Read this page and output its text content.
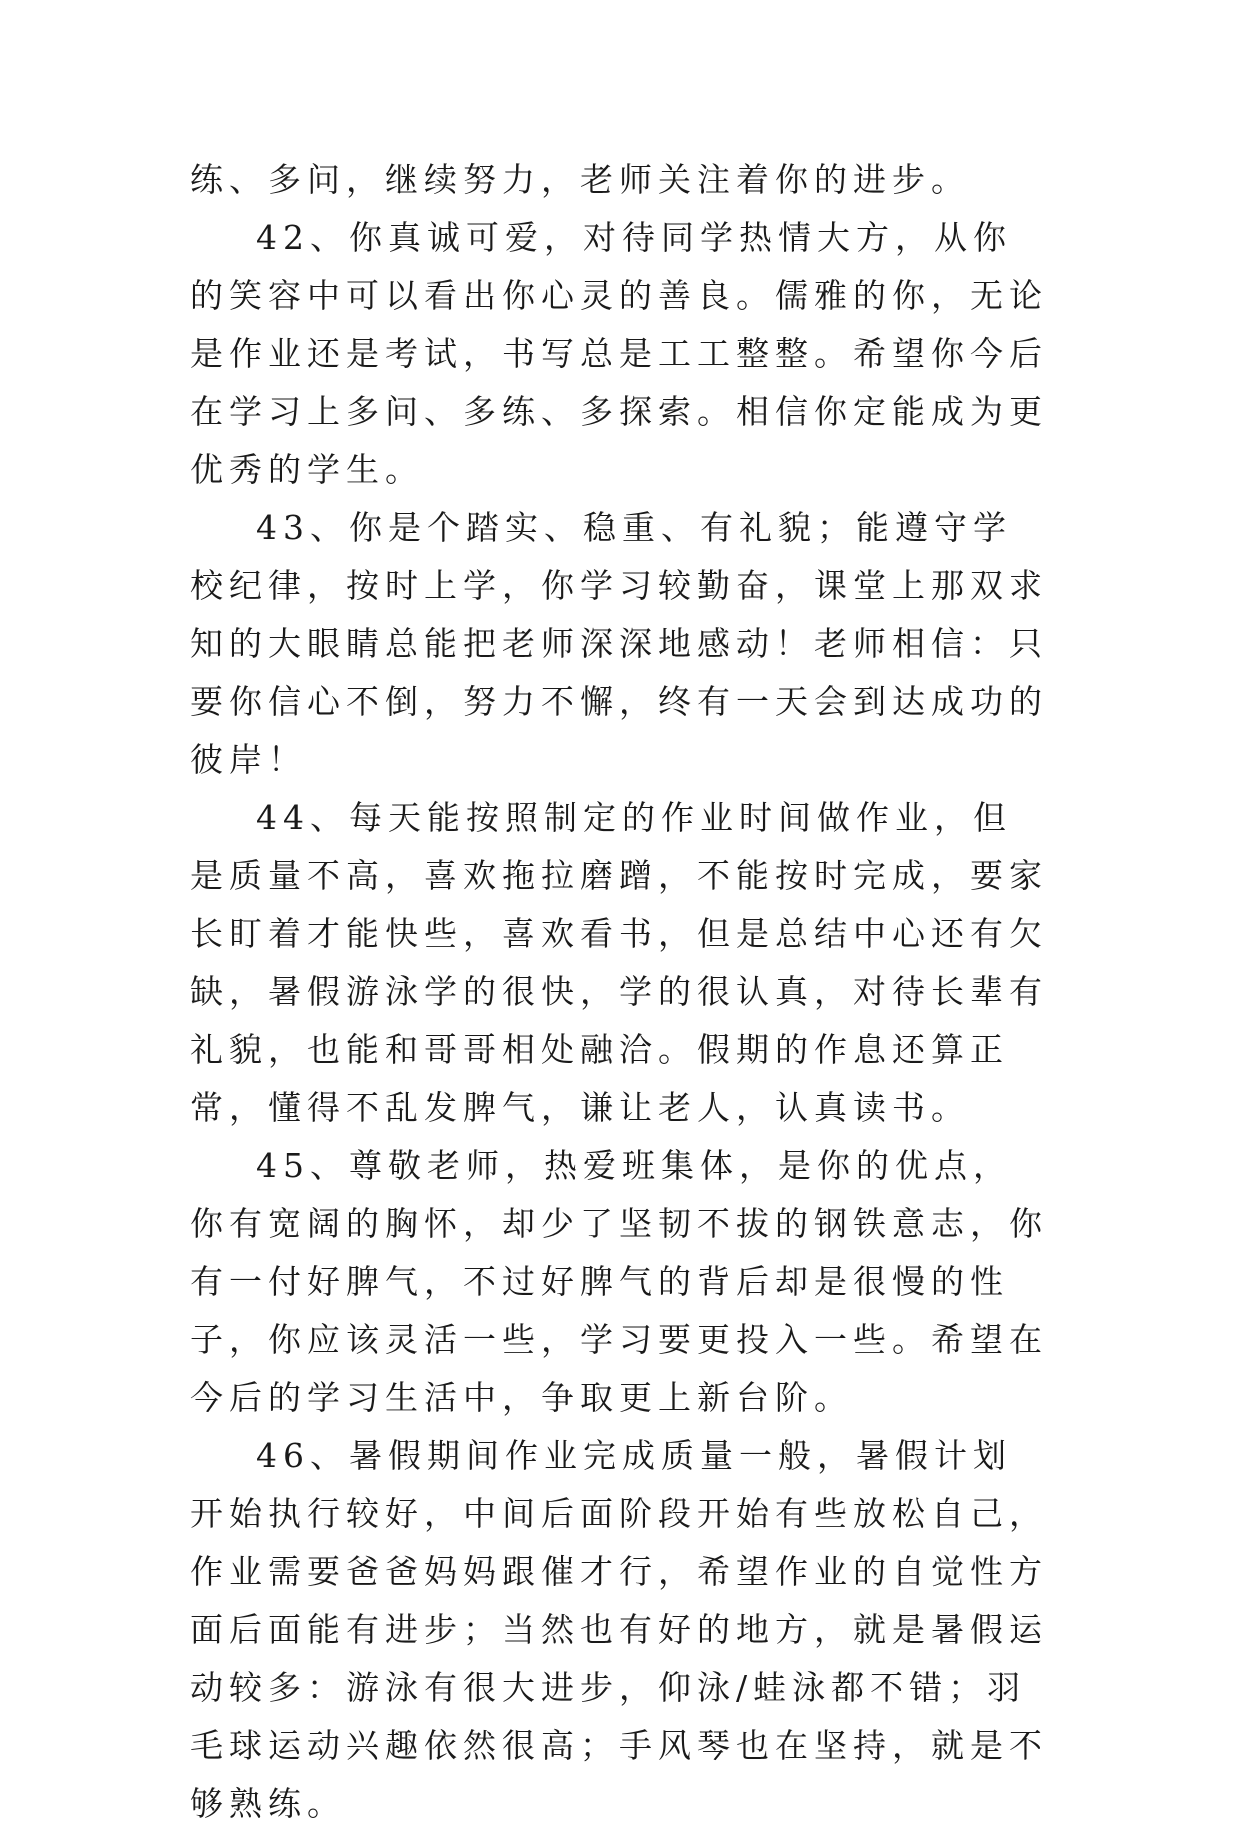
练、多问，继续努力，老师关注着你的进步。

42、你真诚可爱，对待同学热情大方，从你的笑容中可以看出你心灵的善良。儒雅的你，无论是作业还是考试，书写总是工工整整。希望你今后在学习上多问、多练、多探索。相信你定能成为更优秀的学生。

43、你是个踏实、稳重、有礼貌；能遵守学校纪律，按时上学，你学习较勤奋，课堂上那双求知的大眼睛总能把老师深深地感动！老师相信：只要你信心不倒，努力不懈，终有一天会到达成功的彼岸！

44、每天能按照制定的作业时间做作业，但是质量不高，喜欢拖拉磨蹭，不能按时完成，要家长盯着才能快些，喜欢看书，但是总结中心还有欠缺，暑假游泳学的很快，学的很认真，对待长辈有礼貌，也能和哥哥相处融洽。假期的作息还算正常，懂得不乱发脾气，谦让老人，认真读书。

45、尊敬老师，热爱班集体，是你的优点，你有宽阔的胸怀，却少了坚韧不拔的钢铁意志，你有一付好脾气，不过好脾气的背后却是很慢的性子，你应该灵活一些，学习要更投入一些。希望在今后的学习生活中，争取更上新台阶。

46、暑假期间作业完成质量一般，暑假计划开始执行较好，中间后面阶段开始有些放松自己，作业需要爸爸妈妈跟催才行，希望作业的自觉性方面后面能有进步；当然也有好的地方，就是暑假运动较多：游泳有很大进步，仰泳/蛙泳都不错；羽毛球运动兴趣依然很高；手风琴也在坚持，就是不够熟练。
